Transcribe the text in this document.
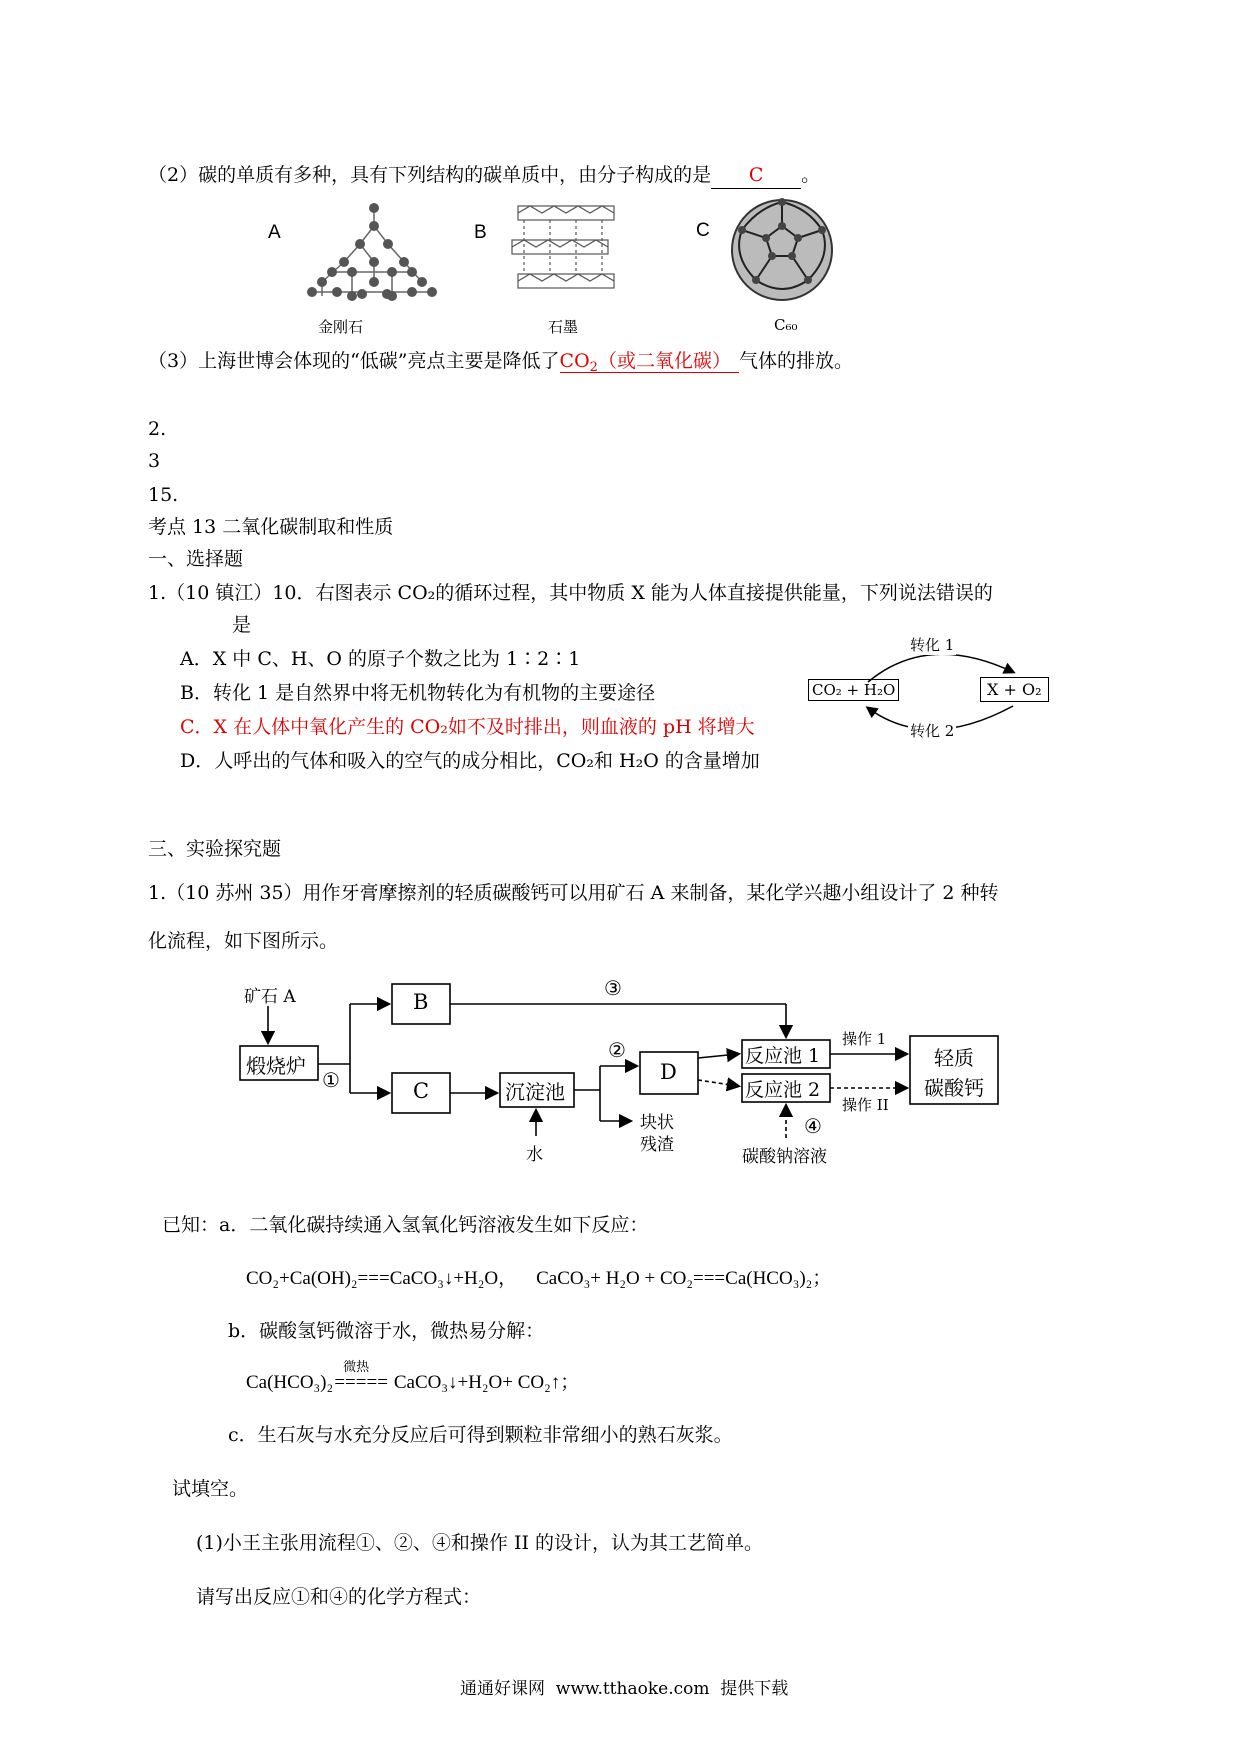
（2）碳的单质有多种，具有下列结构的碳单质中，由分子构成的是 C 。
A
金刚石
B
石墨
C
C₆₀
（3）上海世博会体现的“低碳”亮点主要是降低了$CO_2$（或二氧化碳） 气体的排放。
2.
3
15.
考点 13 二氧化碳制取和性质
一、选择题
1.（10 镇江）10．右图表示 CO₂的循环过程，其中物质 X 能为人体直接提供能量，下列说法错误的
是
A．X 中 C、H、O 的原子个数之比为 1∶2∶1
B．转化 1 是自然界中将无机物转化为有机物的主要途径
C．X 在人体中氧化产生的 CO₂如不及时排出，则血液的 pH 将增大
D．人呼出的气体和吸入的空气的成分相比，CO₂和 H₂O 的含量增加
CO₂ + H₂O	X + O₂
转化 1
转化 2
三、实验探究题
1.（10 苏州 35）用作牙膏摩擦剂的轻质碳酸钙可以用矿石 A 来制备，某化学兴趣小组设计了 2 种转
化流程，如下图所示。
矿石 A
煅烧炉
①
B
③
C	沉淀池
水
②
D
块状
残渣
反应池 1
反应池 2
操作 1
操作 II
轻质
碳酸钙
④
碳酸钠溶液
已知：a．二氧化碳持续通入氢氧化钙溶液发生如下反应：
CO₂+Ca(OH)₂===CaCO₃↓+H₂O，    CaCO₃+ H₂O + CO₂===Ca(HCO₃)₂；
b．碳酸氢钙微溶于水，微热易分解：
Ca(HCO₃)₂
微热
===== CaCO₃↓+H₂O+ CO₂↑；
c．生石灰与水充分反应后可得到颗粒非常细小的熟石灰浆。
试填空。
(1)小王主张用流程①、②、④和操作 II 的设计，认为其工艺简单。
请写出反应①和④的化学方程式：
通通好课网  www.tthaoke.com  提供下载
